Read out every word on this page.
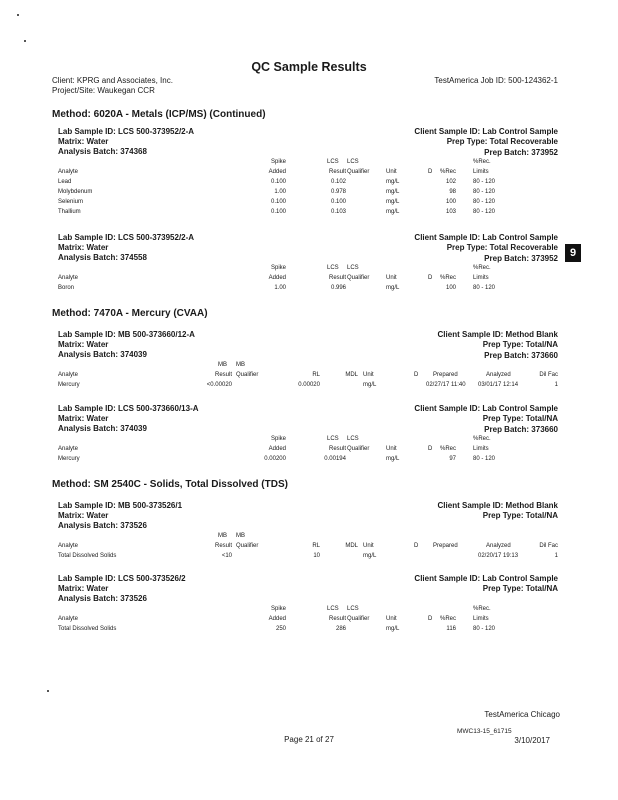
QC Sample Results
Client: KPRG and Associates, Inc.
Project/Site: Waukegan CCR
TestAmerica Job ID: 500-124362-1
9
Method: 6020A - Metals (ICP/MS) (Continued)
Lab Sample ID: LCS 500-373952/2-A
Matrix: Water
Analysis Batch: 374368
Client Sample ID: Lab Control Sample
Prep Type: Total Recoverable
Prep Batch: 373952
Spike	LCS LCS	%Rec.
Analyte	Added	Result Qualifier	Unit	D %Rec	Limits
Lead	0.100	0.102	mg/L	102	80 - 120
Molybdenum	1.00	0.978	mg/L	98	80 - 120
Selenium	0.100	0.100	mg/L	100	80 - 120
Thallium	0.100	0.103	mg/L	103	80 - 120
Lab Sample ID: LCS 500-373952/2-A
Matrix: Water
Analysis Batch: 374558
Client Sample ID: Lab Control Sample
Prep Type: Total Recoverable
Prep Batch: 373952
Spike	LCS LCS	%Rec.
Analyte	Added	Result Qualifier	Unit	D %Rec	Limits
Boron	1.00	0.996	mg/L	100	80 - 120
Method: 7470A - Mercury (CVAA)
Lab Sample ID: MB 500-373660/12-A
Matrix: Water
Analysis Batch: 374039
Client Sample ID: Method Blank
Prep Type: Total/NA
Prep Batch: 373660
MB MB
Analyte	Result Qualifier	RL	MDL Unit	D Prepared	Analyzed	Dil Fac
Mercury	<0.00020	0.00020	mg/L	02/27/17 11:40 03/01/17 12:14	1
Lab Sample ID: LCS 500-373660/13-A
Matrix: Water
Analysis Batch: 374039
Client Sample ID: Lab Control Sample
Prep Type: Total/NA
Prep Batch: 373660
Spike	LCS LCS	%Rec.
Analyte	Added	Result Qualifier	Unit	D %Rec	Limits
Mercury	0.00200	0.00194	mg/L	97	80 - 120
Method: SM 2540C - Solids, Total Dissolved (TDS)
Lab Sample ID: MB 500-373526/1
Matrix: Water
Analysis Batch: 373526
Client Sample ID: Method Blank
Prep Type: Total/NA
MB MB
Analyte	Result Qualifier	RL	MDL Unit	D Prepared	Analyzed	Dil Fac
Total Dissolved Solids	<10	10	mg/L	02/20/17 19:13	1
Lab Sample ID: LCS 500-373526/2
Matrix: Water
Analysis Batch: 373526
Client Sample ID: Lab Control Sample
Prep Type: Total/NA
Spike	LCS LCS	%Rec.
Analyte	Added	Result Qualifier	Unit	D %Rec	Limits
Total Dissolved Solids	250	286	mg/L	116	80 - 120
TestAmerica Chicago
MWC13-15_61715
Page 21 of 27	3/10/2017
